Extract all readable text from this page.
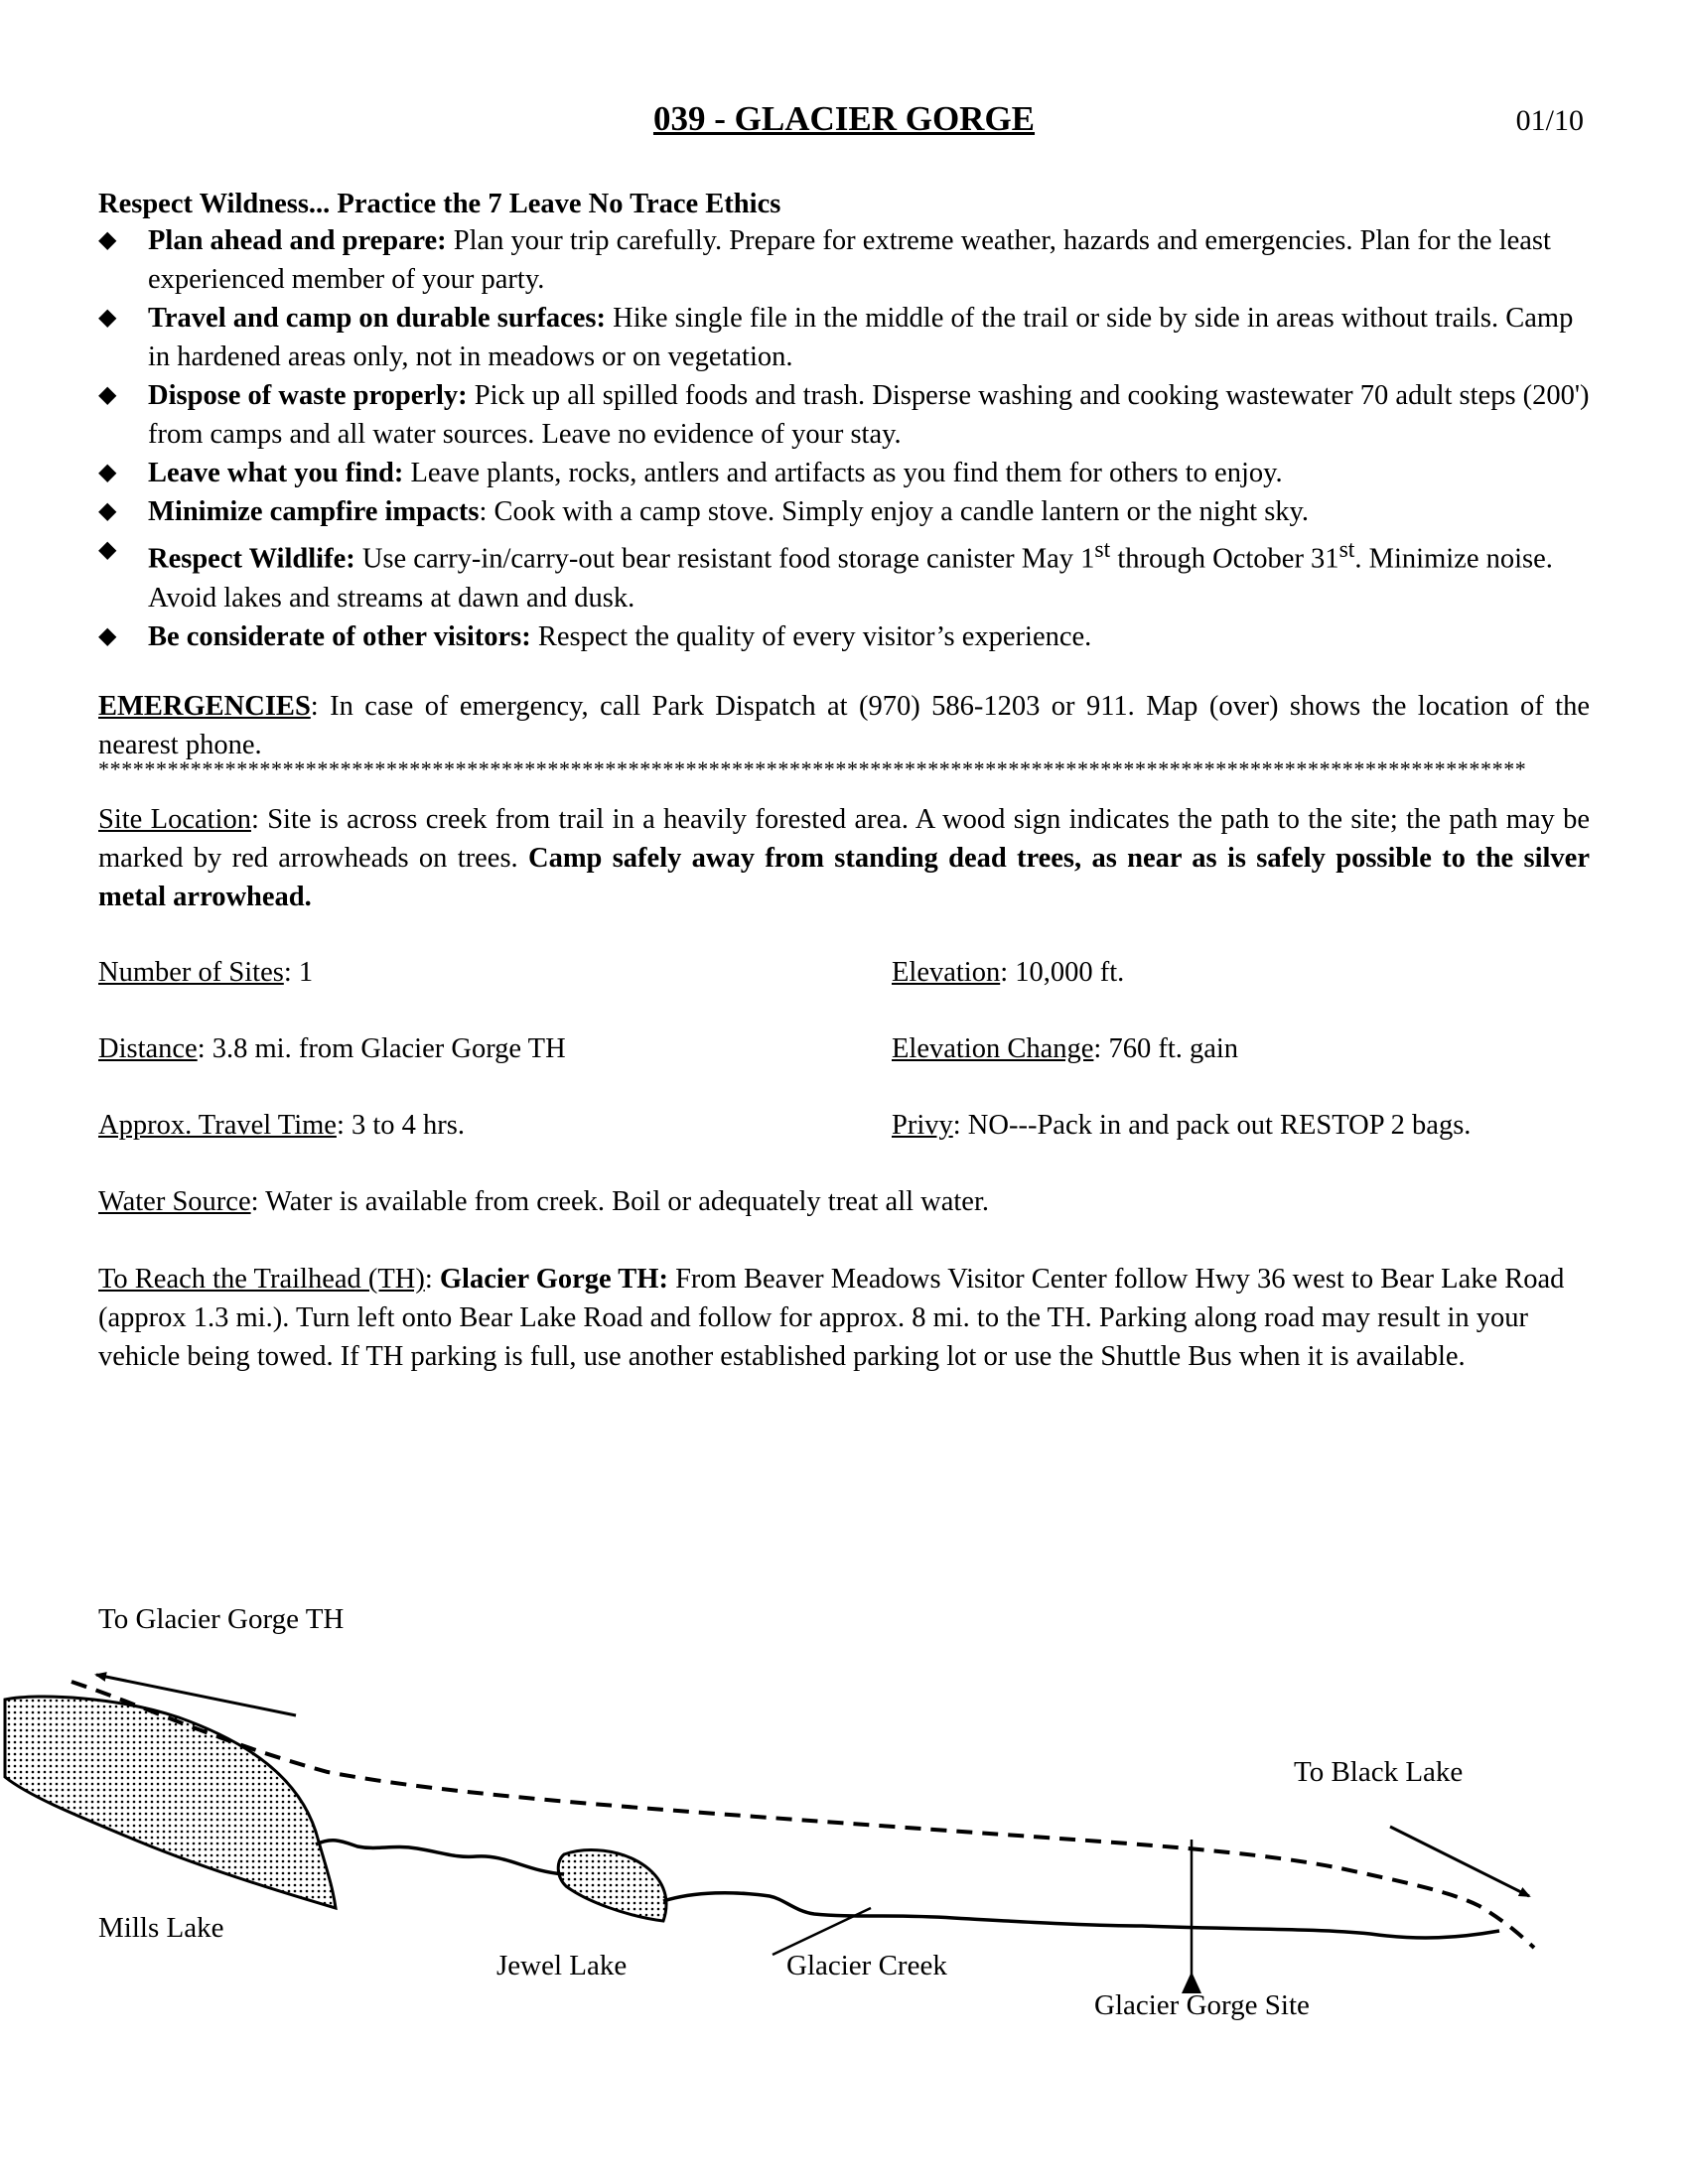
039 - GLACIER GORGE	01/10
Respect Wildness... Practice the 7 Leave No Trace Ethics
◆ Plan ahead and prepare: Plan your trip carefully. Prepare for extreme weather, hazards and emergencies. Plan for the least experienced member of your party.
◆ Travel and camp on durable surfaces: Hike single file in the middle of the trail or side by side in areas without trails. Camp in hardened areas only, not in meadows or on vegetation.
◆ Dispose of waste properly: Pick up all spilled foods and trash. Disperse washing and cooking wastewater 70 adult steps (200') from camps and all water sources. Leave no evidence of your stay.
◆ Leave what you find: Leave plants, rocks, antlers and artifacts as you find them for others to enjoy.
◆ Minimize campfire impacts: Cook with a camp stove. Simply enjoy a candle lantern or the night sky.
◆ Respect Wildlife: Use carry-in/carry-out bear resistant food storage canister May 1st through October 31st. Minimize noise. Avoid lakes and streams at dawn and dusk.
◆ Be considerate of other visitors: Respect the quality of every visitor’s experience.
EMERGENCIES: In case of emergency, call Park Dispatch at (970) 586-1203 or 911. Map (over) shows the location of the nearest phone.
****************************************************************************************************************************
Site Location: Site is across creek from trail in a heavily forested area. A wood sign indicates the path to the site; the path may be marked by red arrowheads on trees. Camp safely away from standing dead trees, as near as is safely possible to the silver metal arrowhead.
Number of Sites: 1	Elevation: 10,000 ft.
Distance: 3.8 mi. from Glacier Gorge TH	Elevation Change: 760 ft. gain
Approx. Travel Time: 3 to 4 hrs.	Privy: NO---Pack in and pack out RESTOP 2 bags.
Water Source: Water is available from creek. Boil or adequately treat all water.
To Reach the Trailhead (TH): Glacier Gorge TH: From Beaver Meadows Visitor Center follow Hwy 36 west to Bear Lake Road (approx 1.3 mi.). Turn left onto Bear Lake Road and follow for approx. 8 mi. to the TH. Parking along road may result in your vehicle being towed. If TH parking is full, use another established parking lot or use the Shuttle Bus when it is available.
To Glacier Gorge TH
To Black Lake
Mills Lake
Jewel Lake	Glacier Creek
Glacier Gorge Site
